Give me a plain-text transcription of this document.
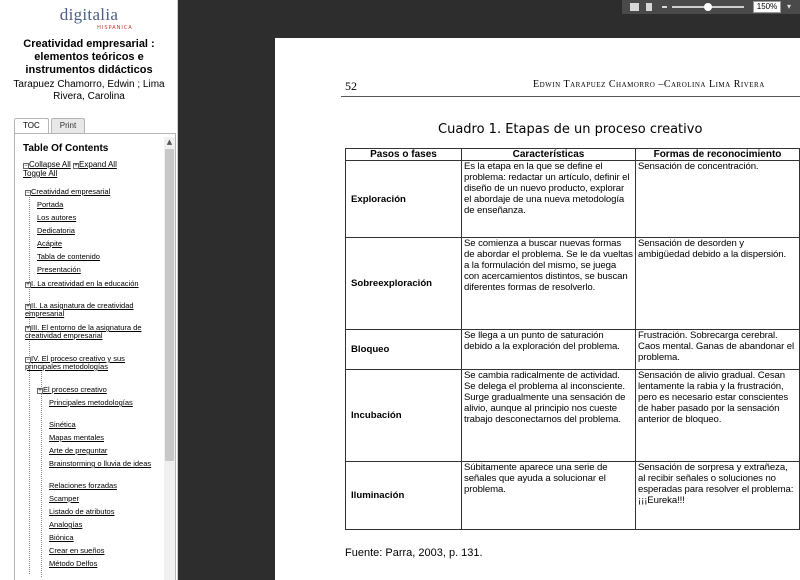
digitalia
HISPANICA
Creatividad empresarial : elementos teóricos e instrumentos didácticos
Tarapuez Chamorro, Edwin ; Lima Rivera, Carolina
TOC	Print
Table Of Contents
−Collapse All +Expand All
Toggle All
−Creatividad empresarial
Portada
Los autores
Dedicatoria
Acápite
Tabla de contenido
Presentación
+I. La creatividad en la educación
+II. La asignatura de creatividad empresarial
+III. El entorno de la asignatura de creatividad empresarial
−IV. El proceso creativo y sus principales metodologías
+El proceso creativo
Principales metodologías
Sinética
Mapas mentales
Arte de preguntar
Brainstorming o lluvia de ideas
Relaciones forzadas
Scamper
Listado de atributos
Analogías
Biónica
Crear en sueños
Método Delfos
▲
150%	▾
52	Edwin Tarapuez Chamorro –Carolina Lima Rivera
Cuadro 1. Etapas de un proceso creativo
Pasos o fases	Características	Formas de reconocimiento
Exploración	Es la etapa en la que se define el problema: redactar un artículo, definir el diseño de un nuevo producto, explorar el abordaje de una nueva metodología de enseñanza.	Sensación de concentración.
Sobreexploración	Se comienza a buscar nuevas formas de abordar el problema. Se le da vueltas a la formulación del mismo, se juega con acercamientos distintos, se buscan diferentes formas de resolverlo.	Sensación de desorden y ambigüedad debido a la dispersión.
Bloqueo	Se llega a un punto de saturación debido a la exploración del problema.	Frustración. Sobrecarga cerebral. Caos mental. Ganas de abandonar el problema.
Incubación	Se cambia radicalmente de actividad. Se delega el problema al inconsciente. Surge gradualmente una sensación de alivio, aunque al principio nos cueste trabajo desconectarnos del problema.	Sensación de alivio gradual. Cesan lentamente la rabia y la frustración, pero es necesario estar conscientes de haber pasado por la sensación anterior de bloqueo.
Iluminación	Súbitamente aparece una serie de señales que ayuda a solucionar el problema.	Sensación de sorpresa y extrañeza, al recibir señales o soluciones no esperadas para resolver el problema: ¡¡¡Eureka!!!
Fuente: Parra, 2003, p. 131.
